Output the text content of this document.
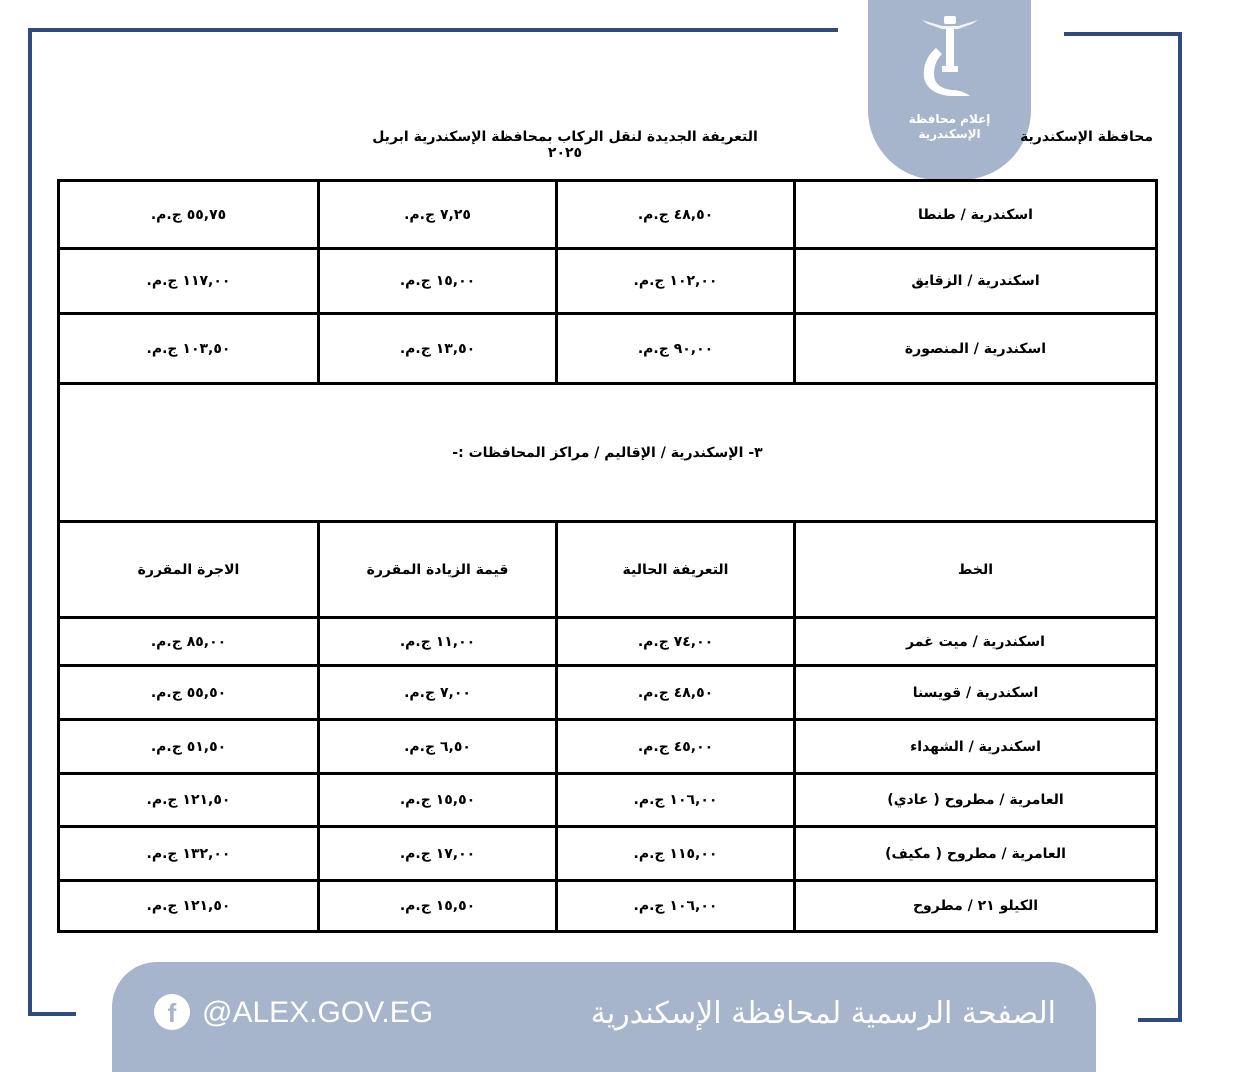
إعلام محافظة
الإسكندرية	محافظة الإسكندرية
التعريفة الجديدة لنقل الركاب بمحافظة الإسكندرية ابريل ٢٠٢٥
اسكندرية / طنطا	٤٨,٥٠ ج.م.	٧,٢٥ ج.م.	٥٥,٧٥ ج.م.
اسكندرية / الزقايق	١٠٢,٠٠ ج.م.	١٥,٠٠ ج.م.	١١٧,٠٠ ج.م.
اسكندرية / المنصورة	٩٠,٠٠ ج.م.	١٣,٥٠ ج.م.	١٠٣,٥٠ ج.م.
٣- الإسكندرية / الإقاليم / مراكز المحافظات :-			
الخط	التعريفة الحالية	قيمة الزيادة المقررة	الاجرة المقررة
اسكندرية / ميت غمر	٧٤,٠٠ ج.م.	١١,٠٠ ج.م.	٨٥,٠٠ ج.م.
اسكندرية / قويسنا	٤٨,٥٠ ج.م.	٧,٠٠ ج.م.	٥٥,٥٠ ج.م.
اسكندرية / الشهداء	٤٥,٠٠ ج.م.	٦,٥٠ ج.م.	٥١,٥٠ ج.م.
العامرية / مطروح ( عادي)	١٠٦,٠٠ ج.م.	١٥,٥٠ ج.م.	١٢١,٥٠ ج.م.
العامرية / مطروح ( مكيف)	١١٥,٠٠ ج.م.	١٧,٠٠ ج.م.	١٣٢,٠٠ ج.م.
الكيلو ٢١ / مطروح	١٠٦,٠٠ ج.م.	١٥,٥٠ ج.م.	١٢١,٥٠ ج.م.
f @ALEX.GOV.EG	الصفحة الرسمية لمحافظة الإسكندرية
